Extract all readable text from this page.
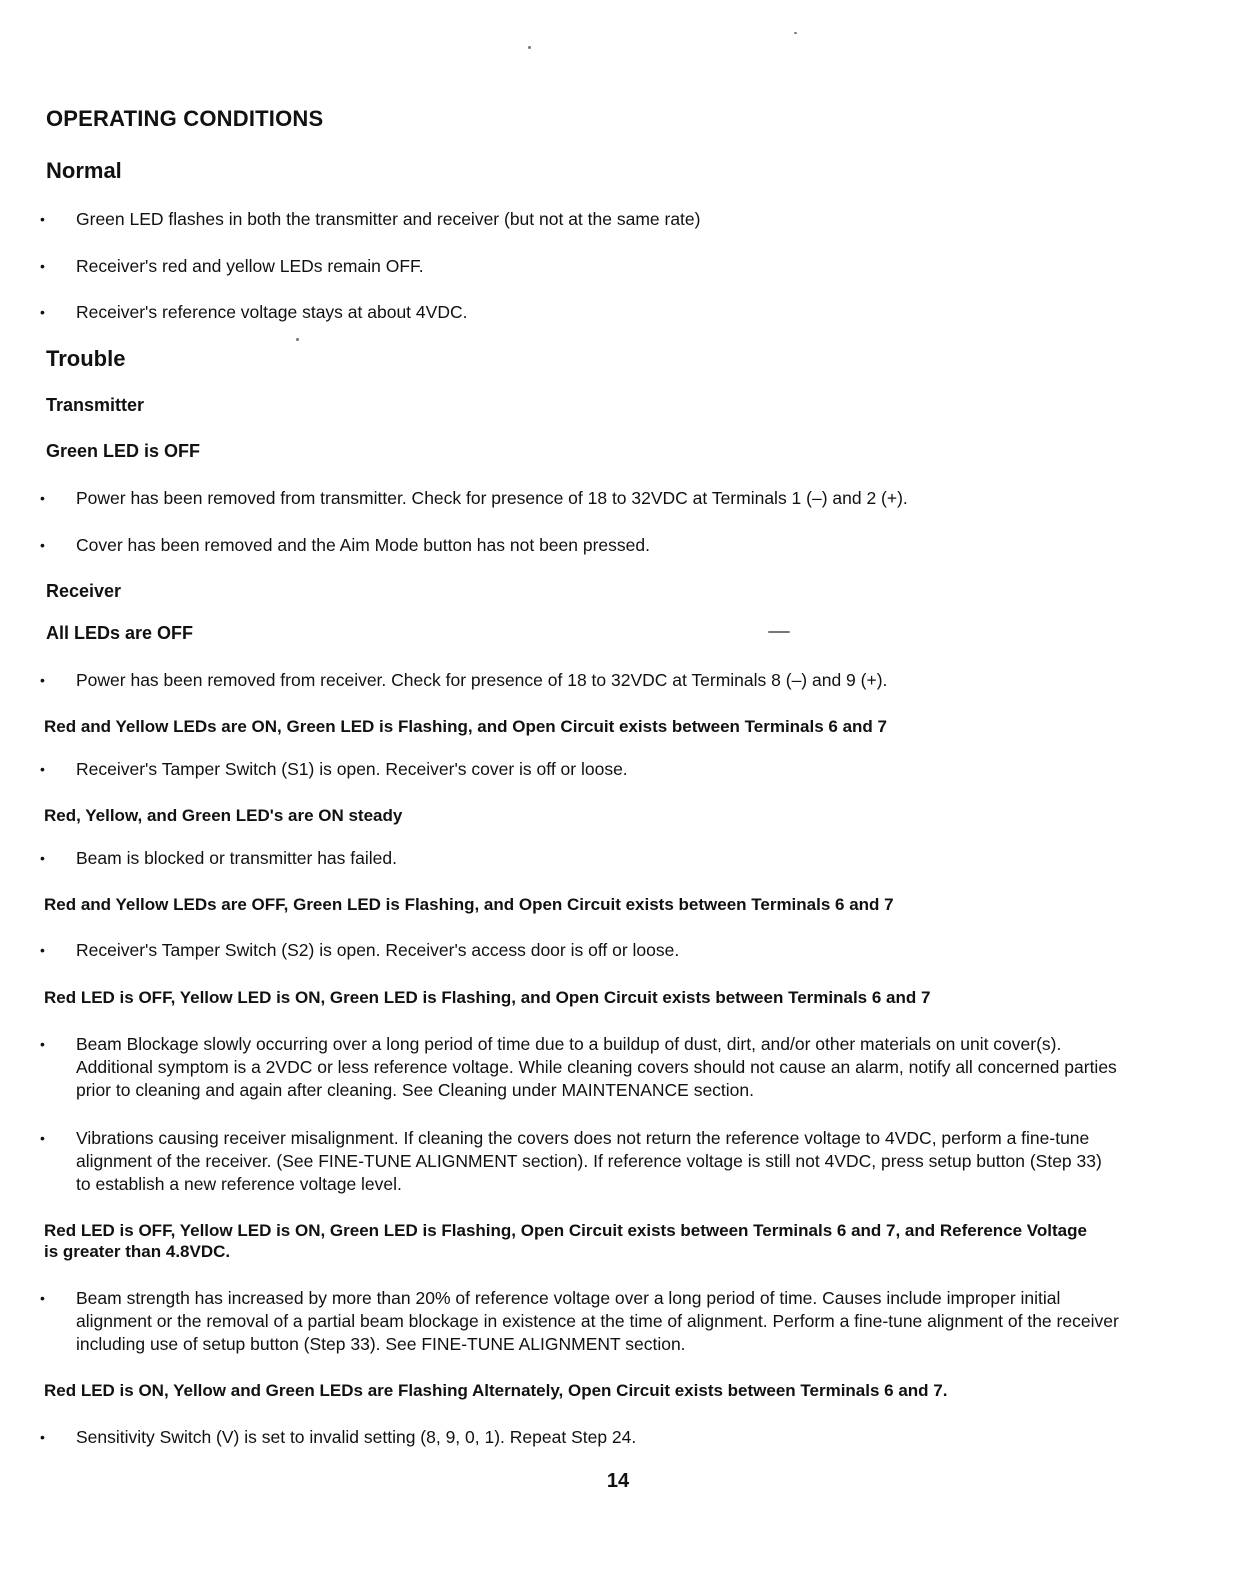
OPERATING CONDITIONS
Normal
•	Green LED flashes in both the transmitter and receiver (but not at the same rate)
•	Receiver's red and yellow LEDs remain OFF.
•	Receiver's reference voltage stays at about 4VDC.
Trouble
Transmitter
Green LED is OFF
•	Power has been removed from transmitter. Check for presence of 18 to 32VDC at Terminals 1 (–) and 2 (+).
•	Cover has been removed and the Aim Mode button has not been pressed.
Receiver
All LEDs are OFF
•	Power has been removed from receiver. Check for presence of 18 to 32VDC at Terminals 8 (–) and 9 (+).
Red and Yellow LEDs are ON, Green LED is Flashing, and Open Circuit exists between Terminals 6 and 7
•	Receiver's Tamper Switch (S1) is open. Receiver's cover is off or loose.
Red, Yellow, and Green LED's are ON steady
•	Beam is blocked or transmitter has failed.
Red and Yellow LEDs are OFF, Green LED is Flashing, and Open Circuit exists between Terminals 6 and 7
•	Receiver's Tamper Switch (S2) is open. Receiver's access door is off or loose.
Red LED is OFF, Yellow LED is ON, Green LED is Flashing, and Open Circuit exists between Terminals 6 and 7
•	Beam Blockage slowly occurring over a long period of time due to a buildup of dust, dirt, and/or other materials on unit cover(s). Additional symptom is a 2VDC or less reference voltage. While cleaning covers should not cause an alarm, notify all concerned parties prior to cleaning and again after cleaning. See Cleaning under MAINTENANCE section.
•	Vibrations causing receiver misalignment. If cleaning the covers does not return the reference voltage to 4VDC, perform a fine-tune alignment of the receiver. (See FINE-TUNE ALIGNMENT section). If reference voltage is still not 4VDC, press setup button (Step 33) to establish a new reference voltage level.
Red LED is OFF, Yellow LED is ON, Green LED is Flashing, Open Circuit exists between Terminals 6 and 7, and Reference Voltage is greater than 4.8VDC.
•	Beam strength has increased by more than 20% of reference voltage over a long period of time. Causes include improper initial alignment or the removal of a partial beam blockage in existence at the time of alignment. Perform a fine-tune alignment of the receiver including use of setup button (Step 33). See FINE-TUNE ALIGNMENT section.
Red LED is ON, Yellow and Green LEDs are Flashing Alternately, Open Circuit exists between Terminals 6 and 7.
•	Sensitivity Switch (V) is set to invalid setting (8, 9, 0, 1). Repeat Step 24.
14
